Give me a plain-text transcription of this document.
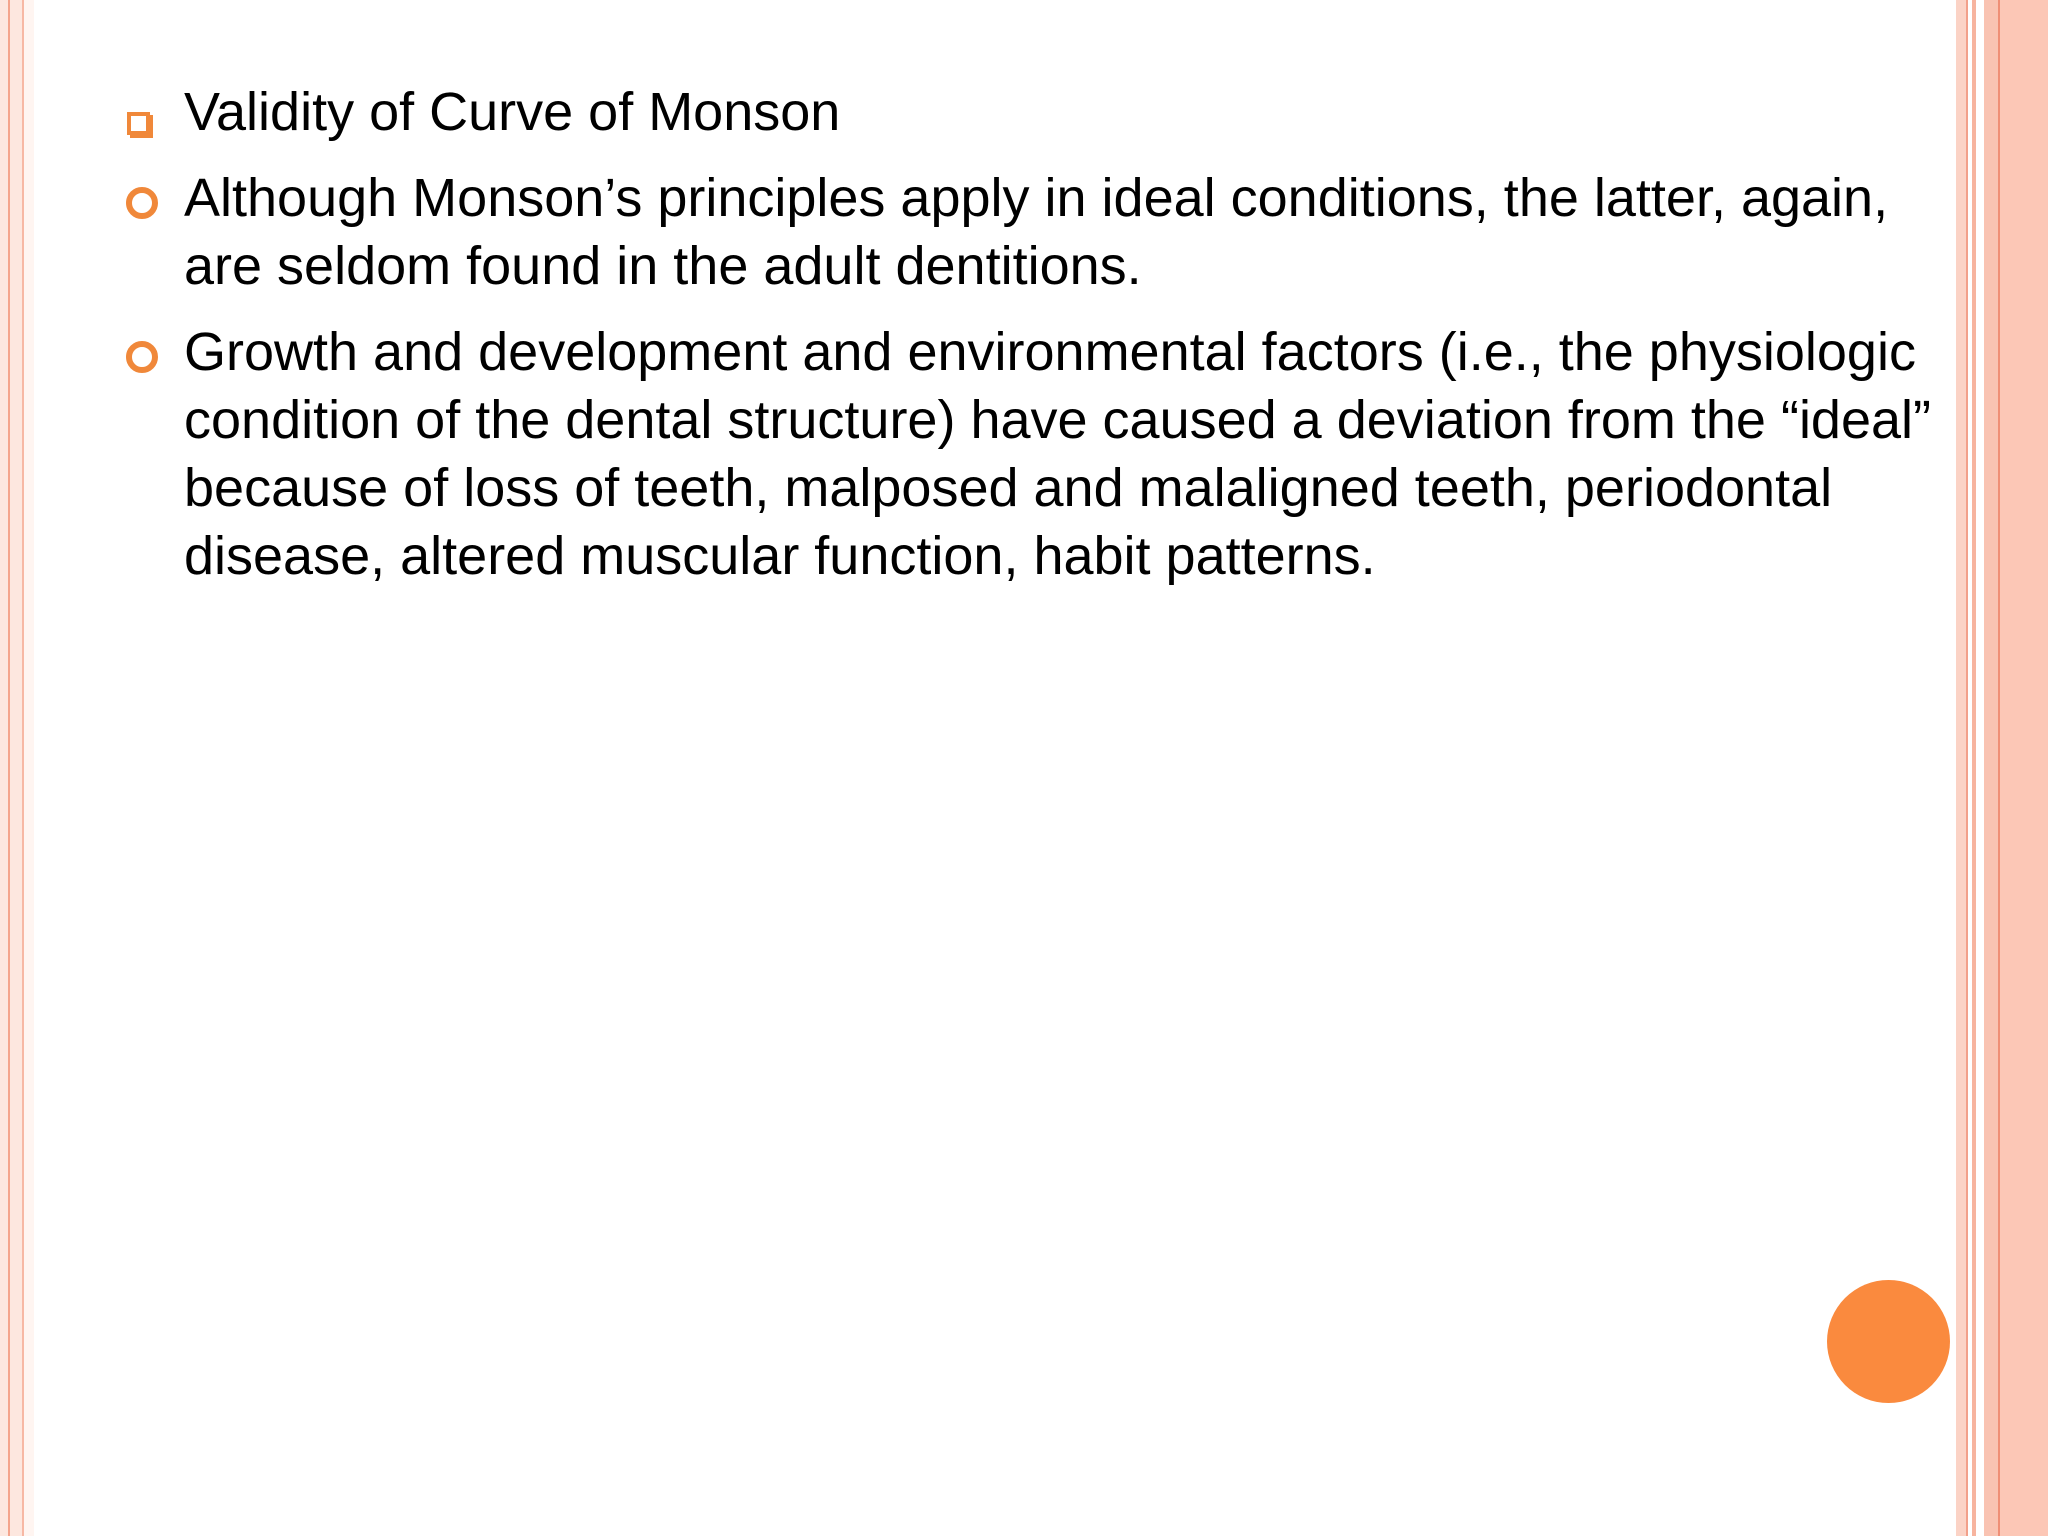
Validity of Curve of Monson
Although Monson’s principles apply in ideal conditions, the latter, again, are seldom found in the adult dentitions.
Growth and development and environmental factors (i.e., the physiologic condition of the dental structure) have caused a deviation from the “ideal” because of loss of teeth, malposed and malaligned teeth, periodontal disease, altered muscular function, habit patterns.
